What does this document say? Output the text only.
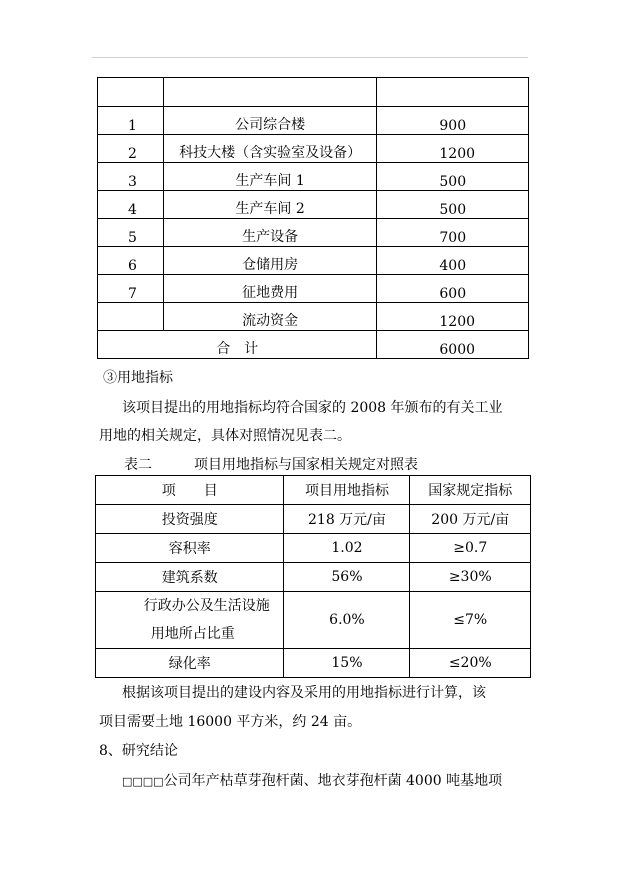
1	公司综合楼	900
2	科技大楼（含实验室及设备）	1200
3	生产车间 1	500
4	生产车间 2	500
5	生产设备	700
6	仓储用房	400
7	征地费用	600
	流动资金	1200
合　计		6000
③用地指标
该项目提出的用地指标均符合国家的 2008 年颁布的有关工业
用地的相关规定，具体对照情况见表二。
表二　　　项目用地指标与国家相关规定对照表
项　　目	项目用地指标	国家规定指标
投资强度	218 万元/亩	200 万元/亩
容积率	1.02	≥0.7
建筑系数	56%	≥30%

行政办公及生活设施
用地所占比重	6.0%	≤7%
绿化率	15%	≤20%
根据该项目提出的建设内容及采用的用地指标进行计算，该
项目需要土地 16000 平方米，约 24 亩。
8、研究结论
□□□□公司年产枯草芽孢杆菌、地衣芽孢杆菌 4000 吨基地项
